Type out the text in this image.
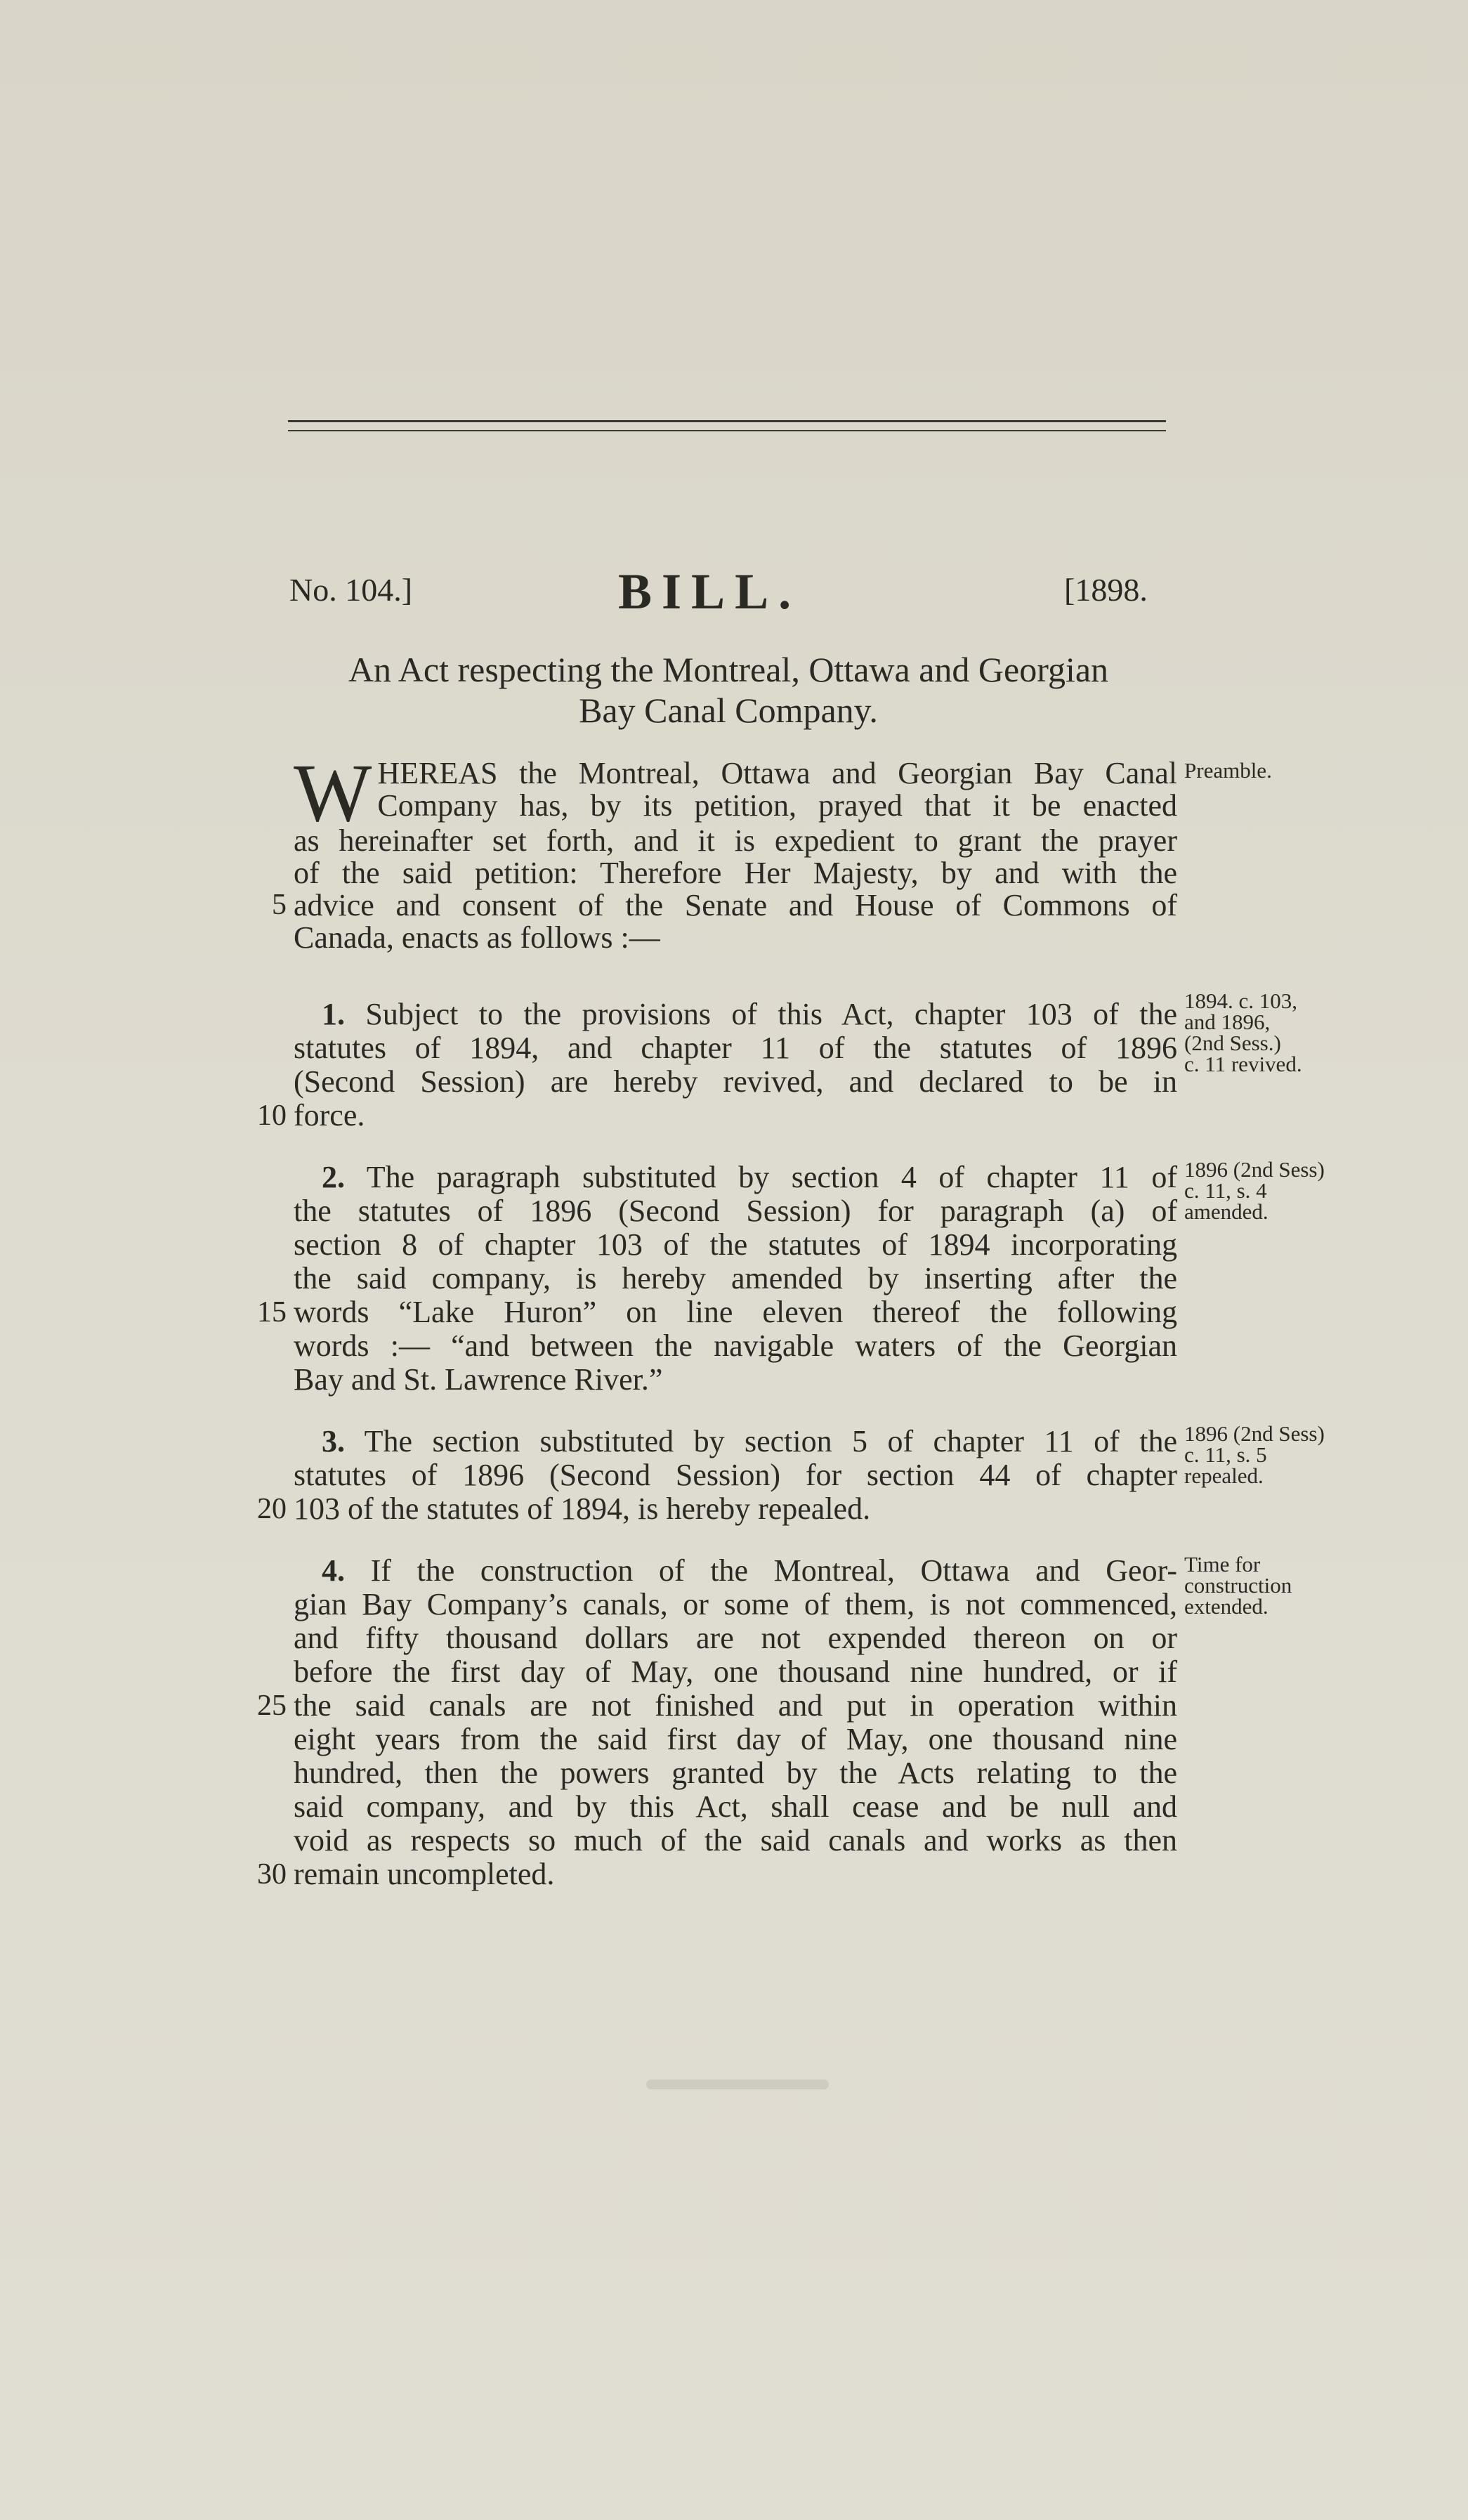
No. 104.]	BILL.	[1898.
An Act respecting the Montreal, Ottawa and Georgian
Bay Canal Company.
W HEREAS the Montreal, Ottawa and Georgian Bay Canal
Company has, by its petition, prayed that it be enacted
as hereinafter set forth, and it is expedient to grant the prayer
of the said petition: Therefore Her Majesty, by and with the
advice and consent of the Senate and House of Commons of
Canada, enacts as follows :—
Preamble.
1. Subject to the provisions of this Act, chapter 103 of the
statutes of 1894, and chapter 11 of the statutes of 1896
(Second Session) are hereby revived, and declared to be in
force.
1894. c. 103,
and 1896,
(2nd Sess.)
c. 11 revived.
2. The paragraph substituted by section 4 of chapter 11 of
the statutes of 1896 (Second Session) for paragraph (a) of
section 8 of chapter 103 of the statutes of 1894 incorporating
the said company, is hereby amended by inserting after the
words “Lake Huron” on line eleven thereof the following
words :— “and between the navigable waters of the Georgian
Bay and St. Lawrence River.”
1896 (2nd Sess)
c. 11, s. 4
amended.
3. The section substituted by section 5 of chapter 11 of the
statutes of 1896 (Second Session) for section 44 of chapter
103 of the statutes of 1894, is hereby repealed.
1896 (2nd Sess)
c. 11, s. 5
repealed.
4. If the construction of the Montreal, Ottawa and Geor-
gian Bay Company’s canals, or some of them, is not commenced,
and fifty thousand dollars are not expended thereon on or
before the first day of May, one thousand nine hundred, or if
the said canals are not finished and put in operation within
eight years from the said first day of May, one thousand nine
hundred, then the powers granted by the Acts relating to the
said company, and by this Act, shall cease and be null and
void as respects so much of the said canals and works as then
remain uncompleted.
Time for
construction
extended.
5
10
15
20
25
30
